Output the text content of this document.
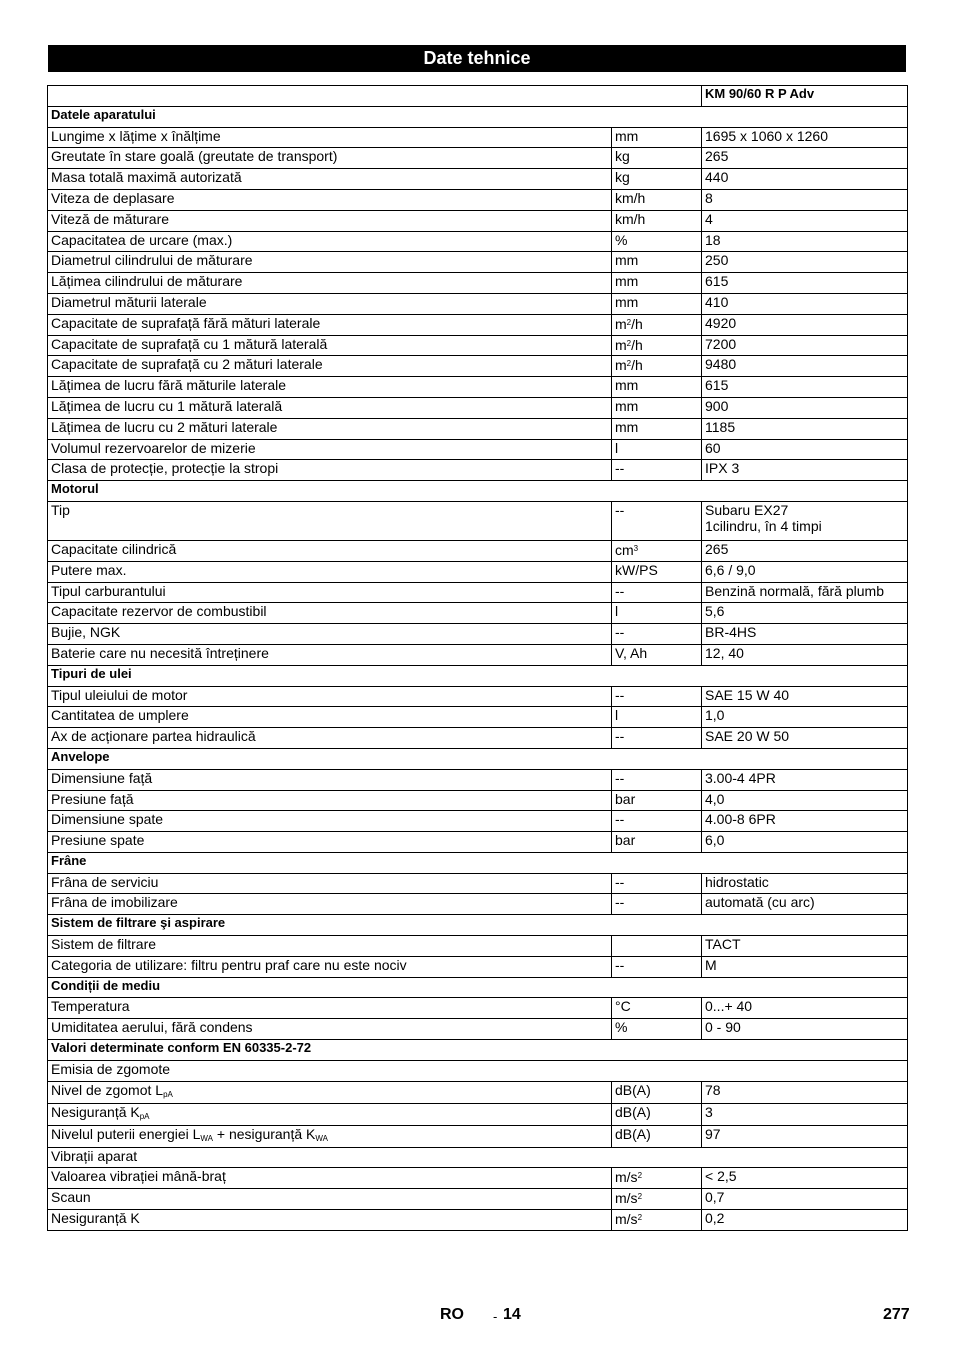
Date tehnice
		KM 90/60 R P Adv
Datele aparatului		
Lungime x lățime x înălțime	mm	1695 x 1060 x 1260
Greutate în stare goală (greutate de transport)	kg	265
Masa totală maximă autorizată	kg	440
Viteza de deplasare	km/h	8
Viteză de măturare	km/h	4
Capacitatea de urcare (max.)	%	18
Diametrul cilindrului de măturare	mm	250
Lățimea cilindrului de măturare	mm	615
Diametrul măturii laterale	mm	410
Capacitate de suprafață fără mături laterale	$m^2/h$	4920
Capacitate de suprafață cu 1 mătură laterală	$m^2/h$	7200
Capacitate de suprafață cu 2 mături laterale	$m^2/h$	9480
Lățimea de lucru fără măturile laterale	mm	615
Lățimea de lucru cu 1 mătură laterală	mm	900
Lățimea de lucru cu 2 mături laterale	mm	1185
Volumul rezervoarelor de mizerie	l	60
Clasa de protecție, protecție la stropi	--	IPX 3
Motorul		
Tip	--	Subaru EX27
1cilindru, în 4 timpi

Capacitate cilindrică	$cm^3$	265
Putere max.	kW/PS	6,6 / 9,0
Tipul carburantului	--	Benzină normală, fără plumb
Capacitate rezervor de combustibil	l	5,6
Bujie, NGK	--	BR-4HS
Baterie care nu necesită întreținere	V, Ah	12, 40
Tipuri de ulei		
Tipul uleiului de motor	--	SAE 15 W 40
Cantitatea de umplere	l	1,0
Ax de acționare partea hidraulică	--	SAE 20 W 50
Anvelope		
Dimensiune față	--	3.00-4 4PR
Presiune față	bar	4,0
Dimensiune spate	--	4.00-8 6PR
Presiune spate	bar	6,0
Frâne		
Frâna de serviciu	--	hidrostatic
Frâna de imobilizare	--	automată (cu arc)
Sistem de filtrare şi aspirare		
Sistem de filtrare		TACT
Categoria de utilizare: filtru pentru praf care nu este nociv	--	M
Condiții de mediu		
Temperatura	°C	0...+ 40
Umiditatea aerului, fără condens	%	0 - 90
Valori determinate conform EN 60335-2-72		
Emisia de zgomote		
Nivel de zgomot $L_{pA}$	dB(A)	78
Nesiguranță $K_{pA}$	dB(A)	3
Nivelul puterii energiei $L_{WA}$ + nesiguranță $K_{WA}$	dB(A)	97
Vibrații aparat		
Valoarea vibrației mână-braț	$m/s^2$	< 2,5
Scaun	$m/s^2$	0,7
Nesiguranță K	$m/s^2$	0,2
RO - 14	277
